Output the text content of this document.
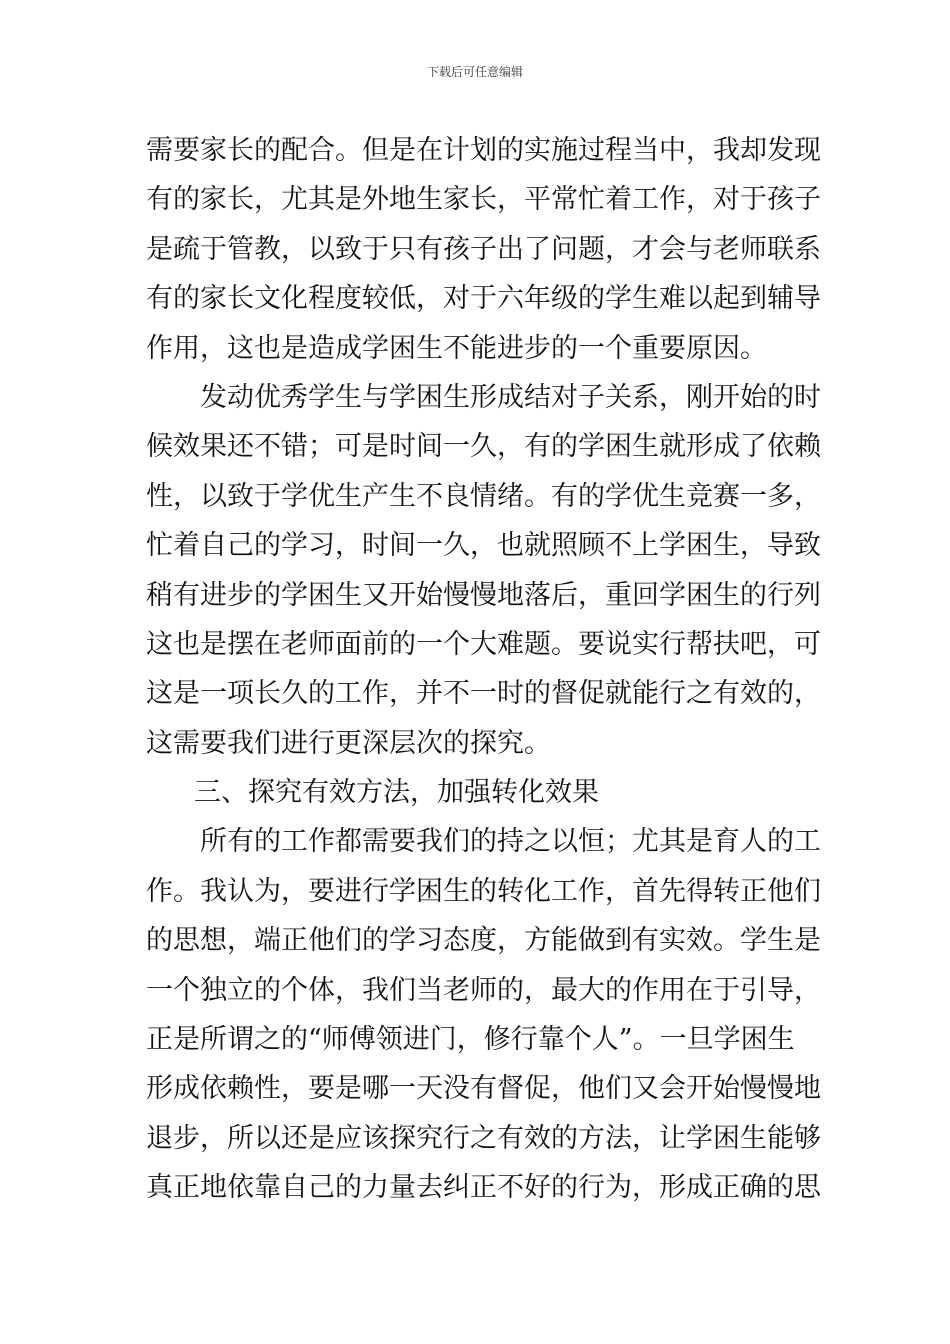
下载后可任意编辑
需要家长的配合。但是在计划的实施过程当中，我却发现
有的家长，尤其是外地生家长，平常忙着工作，对于孩子
是疏于管教，以致于只有孩子出了问题，才会与老师联系
有的家长文化程度较低，对于六年级的学生难以起到辅导
作用，这也是造成学困生不能进步的一个重要原因。
发动优秀学生与学困生形成结对子关系，刚开始的时
候效果还不错；可是时间一久，有的学困生就形成了依赖
性，以致于学优生产生不良情绪。有的学优生竞赛一多，
忙着自己的学习，时间一久，也就照顾不上学困生，导致
稍有进步的学困生又开始慢慢地落后，重回学困生的行列
这也是摆在老师面前的一个大难题。要说实行帮扶吧，可
这是一项长久的工作，并不一时的督促就能行之有效的，
这需要我们进行更深层次的探究。
三、探究有效方法，加强转化效果
所有的工作都需要我们的持之以恒；尤其是育人的工
作。我认为，要进行学困生的转化工作，首先得转正他们
的思想，端正他们的学习态度，方能做到有实效。学生是
一个独立的个体，我们当老师的，最大的作用在于引导，
正是所谓之的“师傅领进门，修行靠个人”。一旦学困生
形成依赖性，要是哪一天没有督促，他们又会开始慢慢地
退步，所以还是应该探究行之有效的方法，让学困生能够
真正地依靠自己的力量去纠正不好的行为，形成正确的思
